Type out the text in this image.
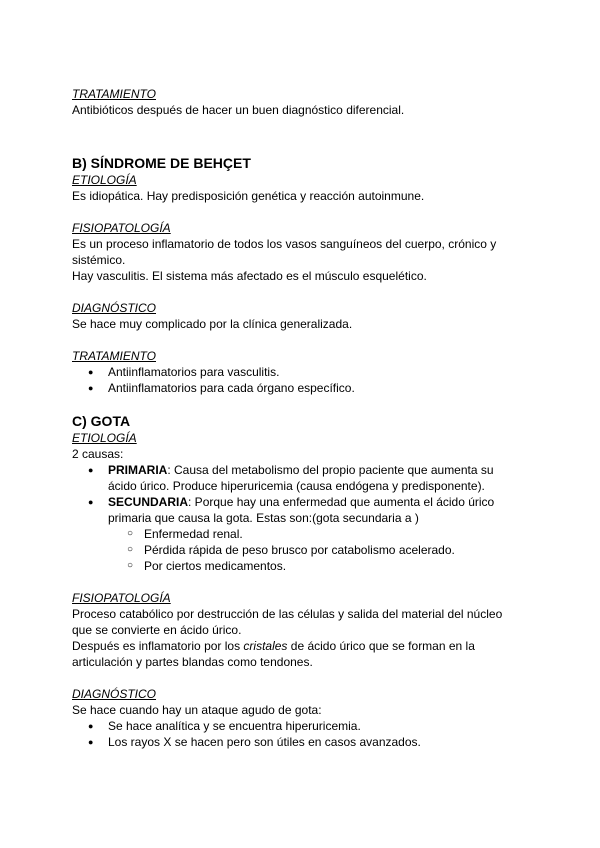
TRATAMIENTO

Antibióticos después de hacer un buen diagnóstico diferencial.

B) SÍNDROME DE BEHÇET

ETIOLOGÍA

Es idiopática. Hay predisposición genética y reacción autoinmune.

FISIOPATOLOGÍA

Es un proceso inflamatorio de todos los vasos sanguíneos del cuerpo, crónico y

sistémico.

Hay vasculitis. El sistema más afectado es el músculo esquelético.

DIAGNÓSTICO

Se hace muy complicado por la clínica generalizada.

TRATAMIENTO

● Antiinflamatorios para vasculitis.
● Antiinflamatorios para cada órgano específico.

C) GOTA

ETIOLOGÍA

2 causas:

● PRIMARIA: Causa del metabolismo del propio paciente que aumenta su
ácido úrico. Produce hiperuricemia (causa endógena y predisponente).
● SECUNDARIA: Porque hay una enfermedad que aumenta el ácido úrico
primaria que causa la gota. Estas son:(gota secundaria a )
○ Enfermedad renal.
○ Pérdida rápida de peso brusco por catabolismo acelerado.
○ Por ciertos medicamentos.

FISIOPATOLOGÍA

Proceso catabólico por destrucción de las células y salida del material del núcleo

que se convierte en ácido úrico.

Después es inflamatorio por los cristales de ácido úrico que se forman en la

articulación y partes blandas como tendones.

DIAGNÓSTICO

Se hace cuando hay un ataque agudo de gota:

● Se hace analítica y se encuentra hiperuricemia.
● Los rayos X se hacen pero son útiles en casos avanzados.
